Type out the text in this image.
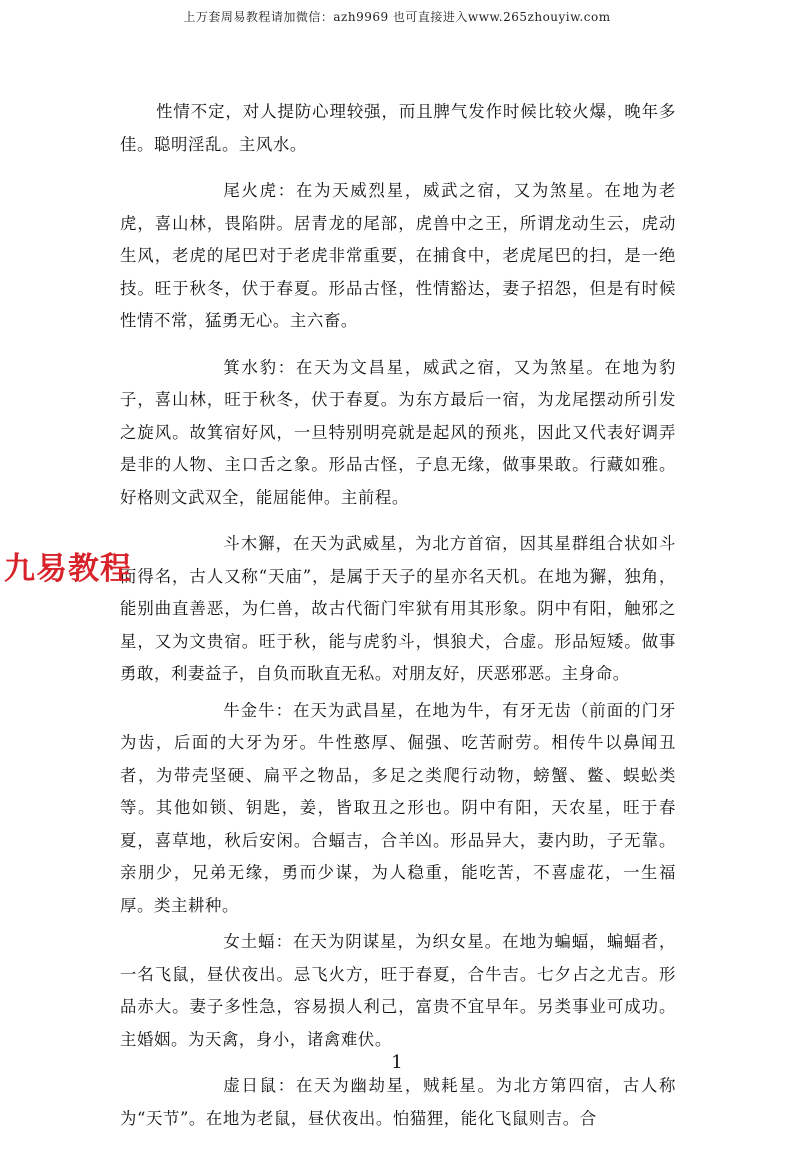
上万套周易教程请加微信：azh9969 也可直接进入www.265zhouyiw.com

性情不定，对人提防心理较强，而且脾气发作时候比较火爆，晚年多佳。聪明淫乱。主风水。

尾火虎：在为天威烈星，威武之宿，又为煞星。在地为老虎，喜山林，畏陷阱。居青龙的尾部，虎兽中之王，所谓龙动生云，虎动生风，老虎的尾巴对于老虎非常重要，在捕食中，老虎尾巴的扫，是一绝技。旺于秋冬，伏于春夏。形品古怪，性情豁达，妻子招怨，但是有时候性情不常，猛勇无心。主六畜。

箕水豹：在天为文昌星，威武之宿，又为煞星。在地为豹子，喜山林，旺于秋冬，伏于春夏。为东方最后一宿，为龙尾摆动所引发之旋风。故箕宿好风，一旦特别明亮就是起风的预兆，因此又代表好调弄是非的人物、主口舌之象。形品古怪，子息无缘，做事果敢。行藏如雅。好格则文武双全，能屈能伸。主前程。

斗木獬，在天为武威星，为北方首宿，因其星群组合状如斗而得名，古人又称“天庙”，是属于天子的星亦名天机。在地为獬，独角，能别曲直善恶，为仁兽，故古代衙门牢狱有用其形象。阴中有阳，触邪之星，又为文贵宿。旺于秋，能与虎豹斗，惧狼犬，合虚。形品短矮。做事勇敢，利妻益子，自负而耿直无私。对朋友好，厌恶邪恶。主身命。

牛金牛：在天为武昌星，在地为牛，有牙无齿（前面的门牙为齿，后面的大牙为牙。牛性憨厚、倔强、吃苦耐劳。相传牛以鼻闻丑者，为带壳坚硬、扁平之物品，多足之类爬行动物，螃蟹、鳖、蜈蚣类等。其他如锁、钥匙，姜，皆取丑之形也。阴中有阳，天农星，旺于春夏，喜草地，秋后安闲。合蝠吉，合羊凶。形品异大，妻内助，子无靠。亲朋少，兄弟无缘，勇而少谋，为人稳重，能吃苦，不喜虚花，一生福厚。类主耕种。

女土蝠：在天为阴谋星，为织女星。在地为蝙蝠，蝙蝠者，一名飞鼠，昼伏夜出。忌飞火方，旺于春夏，合牛吉。七夕占之尤吉。形品赤大。妻子多性急，容易损人利己，富贵不宜早年。另类事业可成功。主婚姻。为天禽，身小，诸禽难伏。

虚日鼠：在天为幽劫星，贼耗星。为北方第四宿，古人称为“天节”。在地为老鼠，昼伏夜出。怕猫狸，能化飞鼠则吉。合

九易教程
1
